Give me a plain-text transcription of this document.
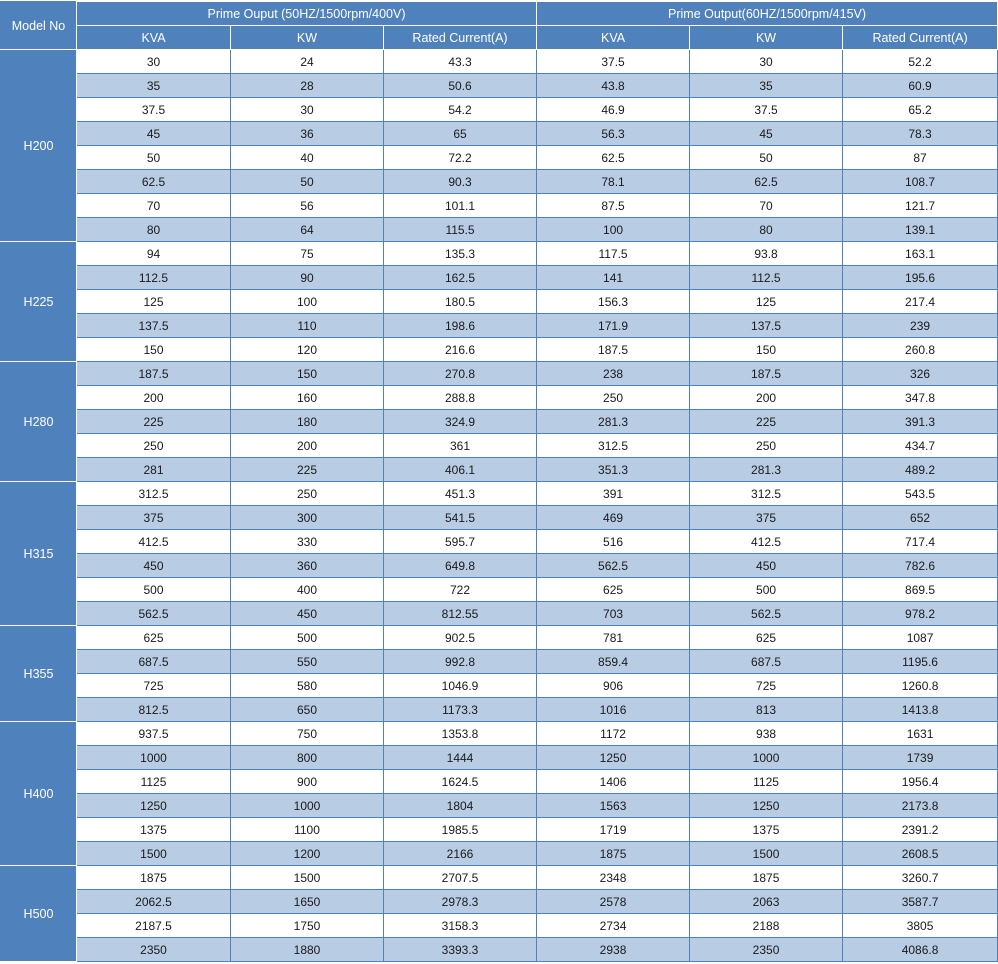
Model No	Prime Ouput (50HZ/1500rpm/400V)			Prime Output(60HZ/1500rpm/415V)		
	KVA	KW	Rated Current(A)	KVA	KW	Rated Current(A)
H200	30	24	43.3	37.5	30	52.2
	35	28	50.6	43.8	35	60.9
	37.5	30	54.2	46.9	37.5	65.2
	45	36	65	56.3	45	78.3
	50	40	72.2	62.5	50	87
	62.5	50	90.3	78.1	62.5	108.7
	70	56	101.1	87.5	70	121.7
	80	64	115.5	100	80	139.1
H225	94	75	135.3	117.5	93.8	163.1
	112.5	90	162.5	141	112.5	195.6
	125	100	180.5	156.3	125	217.4
	137.5	110	198.6	171.9	137.5	239
	150	120	216.6	187.5	150	260.8
H280	187.5	150	270.8	238	187.5	326
	200	160	288.8	250	200	347.8
	225	180	324.9	281.3	225	391.3
	250	200	361	312.5	250	434.7
	281	225	406.1	351.3	281.3	489.2
H315	312.5	250	451.3	391	312.5	543.5
	375	300	541.5	469	375	652
	412.5	330	595.7	516	412.5	717.4
	450	360	649.8	562.5	450	782.6
	500	400	722	625	500	869.5
	562.5	450	812.55	703	562.5	978.2
H355	625	500	902.5	781	625	1087
	687.5	550	992.8	859.4	687.5	1195.6
	725	580	1046.9	906	725	1260.8
	812.5	650	1173.3	1016	813	1413.8
H400	937.5	750	1353.8	1172	938	1631
	1000	800	1444	1250	1000	1739
	1125	900	1624.5	1406	1125	1956.4
	1250	1000	1804	1563	1250	2173.8
	1375	1100	1985.5	1719	1375	2391.2
	1500	1200	2166	1875	1500	2608.5
H500	1875	1500	2707.5	2348	1875	3260.7
	2062.5	1650	2978.3	2578	2063	3587.7
	2187.5	1750	3158.3	2734	2188	3805
	2350	1880	3393.3	2938	2350	4086.8
